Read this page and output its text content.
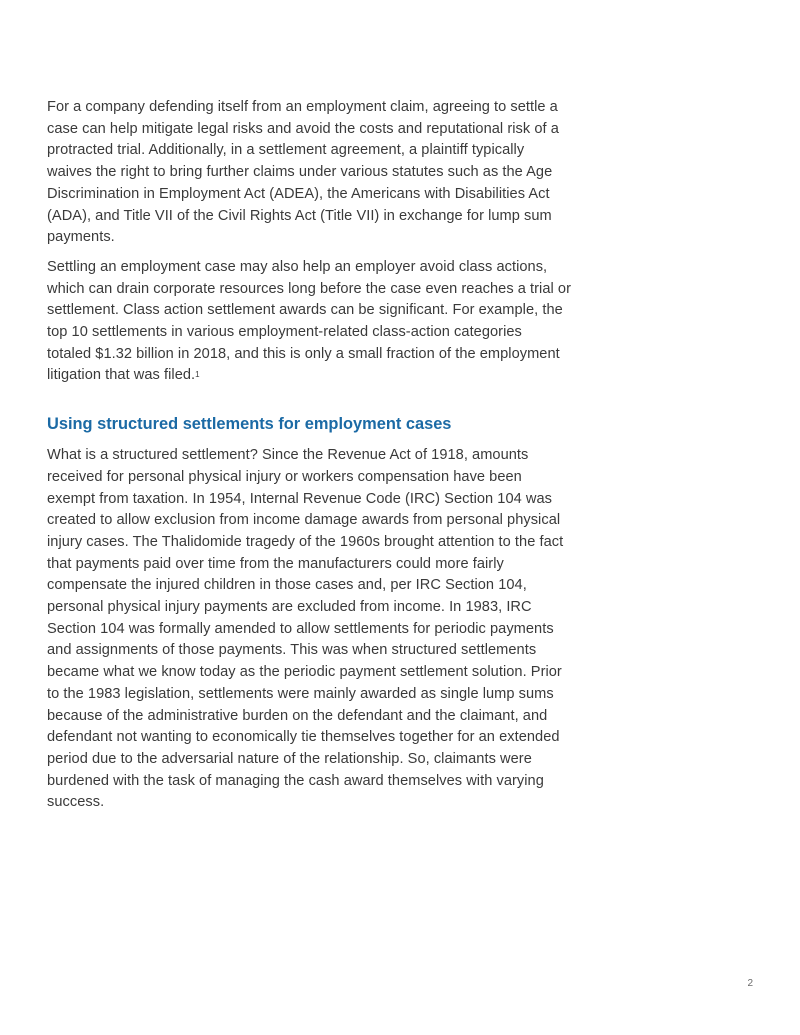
For a company defending itself from an employment claim, agreeing to settle a
case can help mitigate legal risks and avoid the costs and reputational risk of a
protracted trial. Additionally, in a settlement agreement, a plaintiff typically
waives the right to bring further claims under various statutes such as the Age
Discrimination in Employment Act (ADEA), the Americans with Disabilities Act
(ADA), and Title VII of the Civil Rights Act (Title VII) in exchange for lump sum
payments.

Settling an employment case may also help an employer avoid class actions,
which can drain corporate resources long before the case even reaches a trial or
settlement. Class action settlement awards can be significant. For example, the
top 10 settlements in various employment-related class-action categories
totaled $1.32 billion in 2018, and this is only a small fraction of the employment
litigation that was filed.$^1$

Using structured settlements for employment cases

What is a structured settlement? Since the Revenue Act of 1918, amounts
received for personal physical injury or workers compensation have been
exempt from taxation. In 1954, Internal Revenue Code (IRC) Section 104 was
created to allow exclusion from income damage awards from personal physical
injury cases. The Thalidomide tragedy of the 1960s brought attention to the fact
that payments paid over time from the manufacturers could more fairly
compensate the injured children in those cases and, per IRC Section 104,
personal physical injury payments are excluded from income. In 1983, IRC
Section 104 was formally amended to allow settlements for periodic payments
and assignments of those payments. This was when structured settlements
became what we know today as the periodic payment settlement solution. Prior
to the 1983 legislation, settlements were mainly awarded as single lump sums
because of the administrative burden on the defendant and the claimant, and
defendant not wanting to economically tie themselves together for an extended
period due to the adversarial nature of the relationship. So, claimants were
burdened with the task of managing the cash award themselves with varying
success.

2
